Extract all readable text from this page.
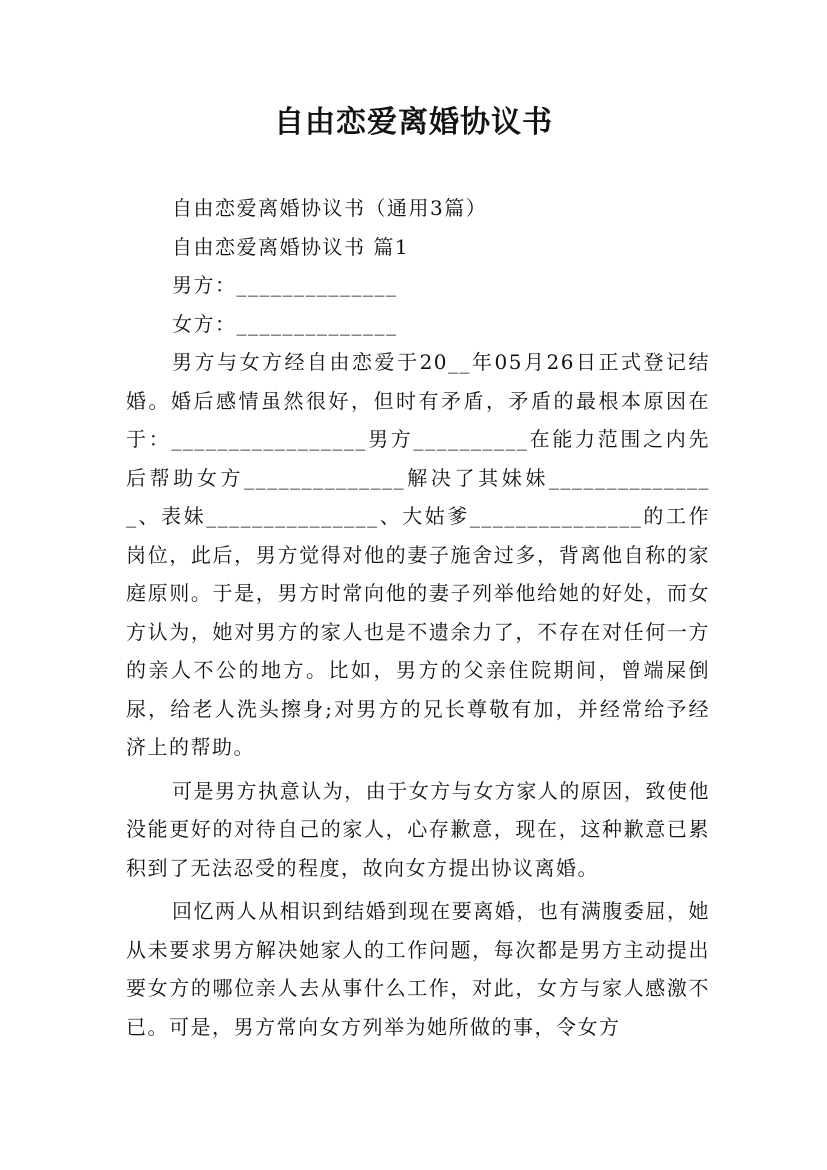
自由恋爱离婚协议书

自由恋爱离婚协议书（通用3篇）

自由恋爱离婚协议书 篇1

男方：______________

女方：______________

男方与女方经自由恋爱于20__年05月26日正式登记结婚。婚后感情虽然很好，但时有矛盾，矛盾的最根本原因在于：_________________男方__________在能力范围之内先后帮助女方______________解决了其妹妹_______________、表妹_______________、大姑爹_______________的工作岗位，此后，男方觉得对他的妻子施舍过多，背离他自称的家庭原则。于是，男方时常向他的妻子列举他给她的好处，而女方认为，她对男方的家人也是不遗余力了，不存在对任何一方的亲人不公的地方。比如，男方的父亲住院期间，曾端屎倒尿，给老人洗头擦身;对男方的兄长尊敬有加，并经常给予经济上的帮助。

可是男方执意认为，由于女方与女方家人的原因，致使他没能更好的对待自己的家人，心存歉意，现在，这种歉意已累积到了无法忍受的程度，故向女方提出协议离婚。

回忆两人从相识到结婚到现在要离婚，也有满腹委屈，她从未要求男方解决她家人的工作问题，每次都是男方主动提出要女方的哪位亲人去从事什么工作，对此，女方与家人感激不已。可是，男方常向女方列举为她所做的事，令女方
